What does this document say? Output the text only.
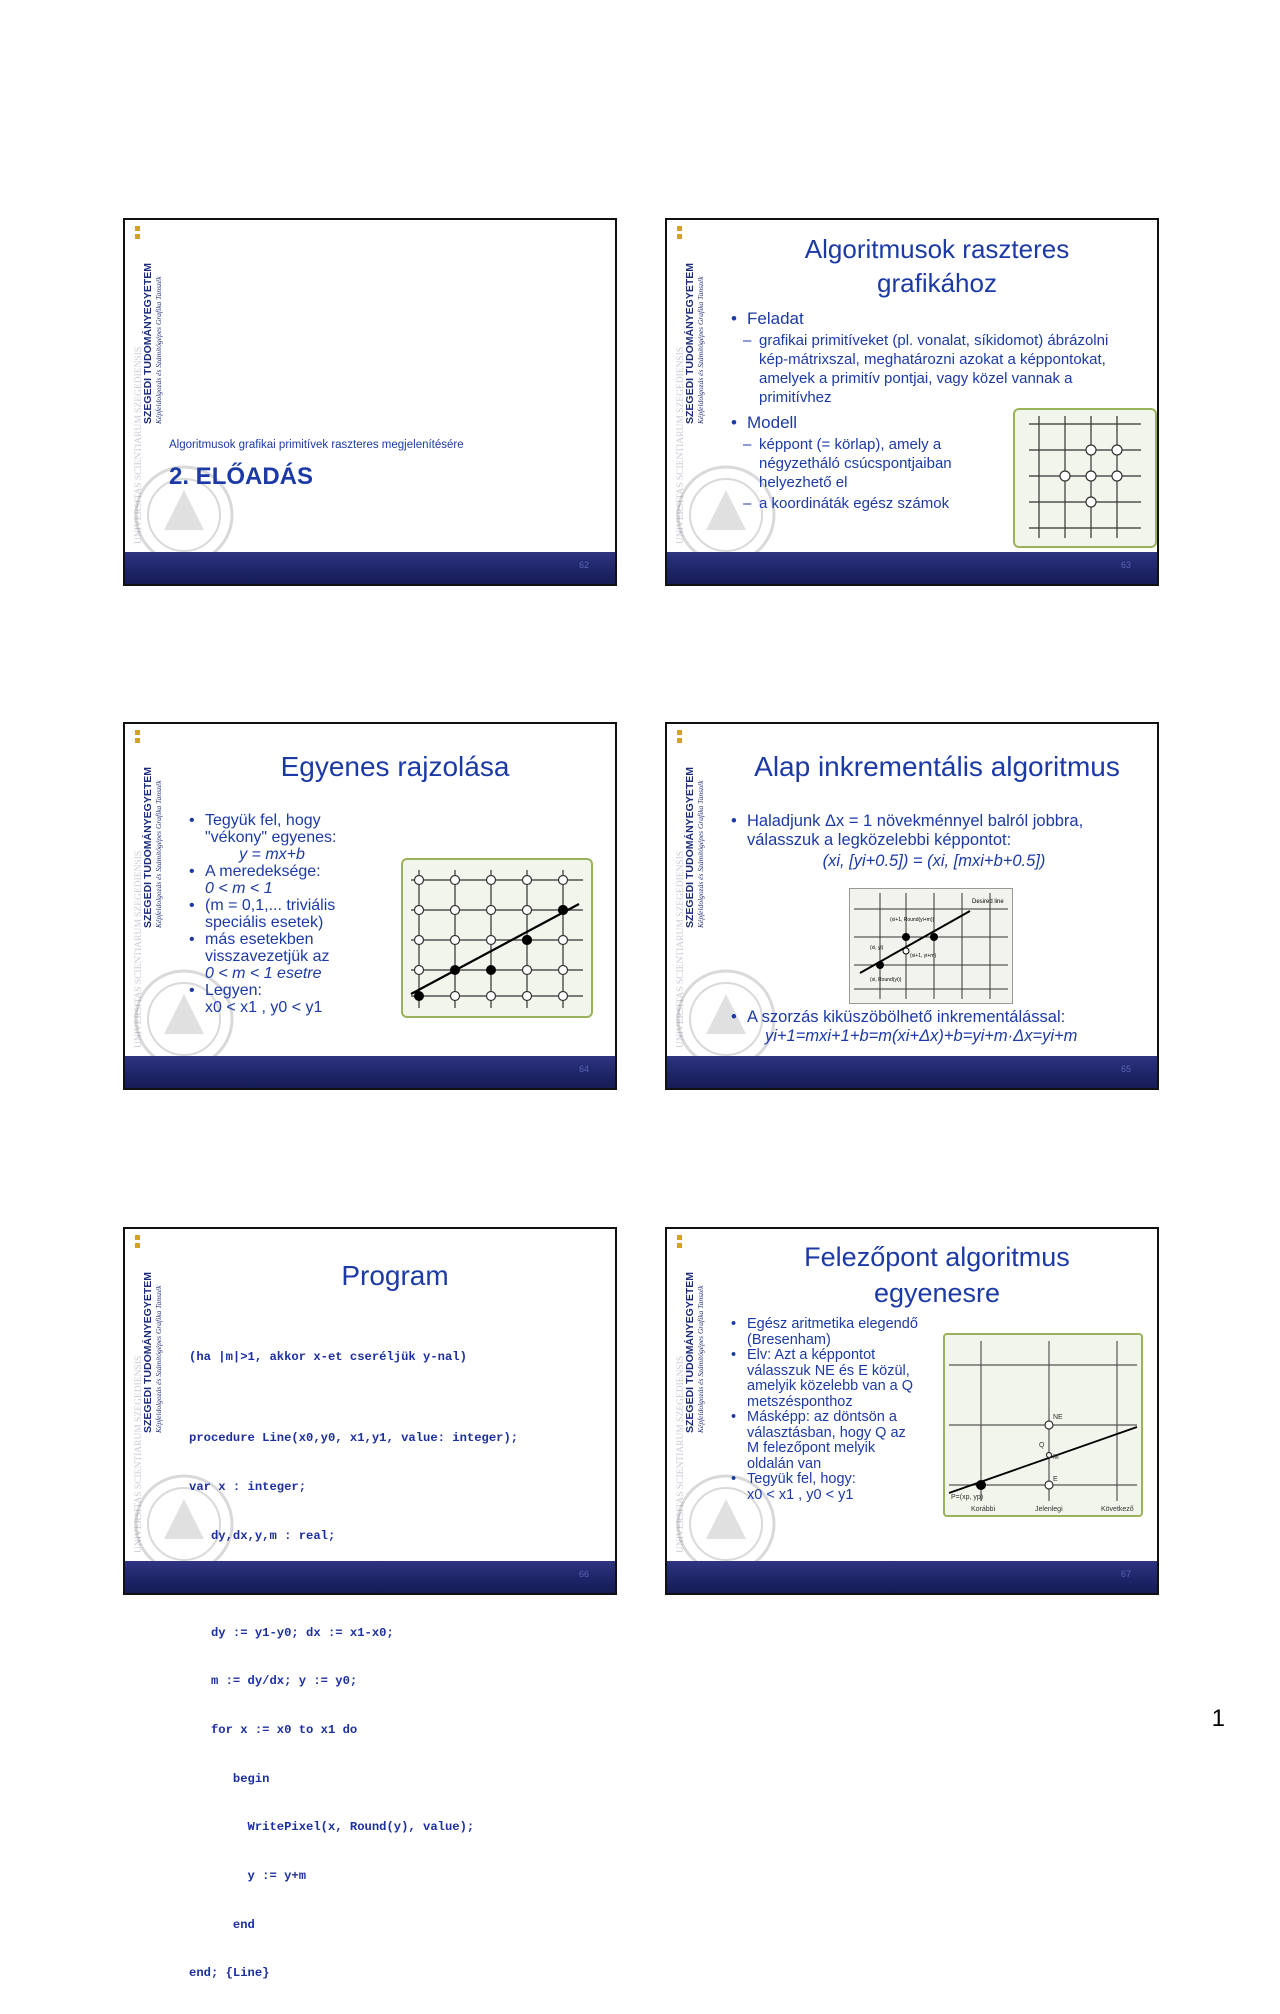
UNIVERSITAS SCIENTIARUM SZEGEDIENSIS
SZEGEDI TUDOMÁNYEGYETEM Képfeldolgozás és Számítógépes Grafika Tanszék
Algoritmusok grafikai primitívek raszteres megjelenítésére
2. ELŐADÁS
62
UNIVERSITAS SCIENTIARUM SZEGEDIENSIS
SZEGEDI TUDOMÁNYEGYETEM Képfeldolgozás és Számítógépes Grafika Tanszék
Algoritmusok raszteres
grafikához

• Feladat

– grafikai primitíveket (pl. vonalat, síkidomot) ábrázolni kép-mátrixszal, meghatározni azokat a képpontokat, amelyek a primitív pontjai, vagy közel vannak a primitívhez

• Modell

– képpont (= körlap), amely a négyzetháló csúcspontjaiban helyezhető el
– a koordináták egész számok
63
UNIVERSITAS SCIENTIARUM SZEGEDIENSIS
SZEGEDI TUDOMÁNYEGYETEM Képfeldolgozás és Számítógépes Grafika Tanszék
Egyenes rajzolása

• Tegyük fel, hogy "vékony" egyenes:

y = mx+b

• A meredeksége:

0 < m < 1

• (m = 0,1,... triviális speciális esetek)

• más esetekben visszavezetjük az
0 < m < 1 esetre

• Legyen:

x0 < x1 , y0 < y1
64
UNIVERSITAS SCIENTIARUM SZEGEDIENSIS
SZEGEDI TUDOMÁNYEGYETEM Képfeldolgozás és Számítógépes Grafika Tanszék
Alap inkrementális algoritmus

• Haladjunk Δx = 1 növekménnyel balról jobbra, válasszuk a legközelebbi képpontot:

(xi, [yi+0.5]) = (xi, [mxi+b+0.5])
Desired line
(xi+1, Round(yi+m))
(xi+1, yi+m)
(xi, yi)
(xi, Round(yi))

• A szorzás kiküszöbölhető inkrementálással:

yi+1=mxi+1+b=m(xi+Δx)+b=yi+m·Δx=yi+m
65
UNIVERSITAS SCIENTIARUM SZEGEDIENSIS
SZEGEDI TUDOMÁNYEGYETEM Képfeldolgozás és Számítógépes Grafika Tanszék
Program

(ha |m|>1, akkor x-et cseréljük y-nal)

procedure Line(x0,y0, x1,y1, value: integer);

var x : integer;

dy,dx,y,m : real;

dy := y1-y0; dx := x1-x0;

m := dy/dx; y := y0;

for x := x0 to x1 do

begin

WritePixel(x, Round(y), value);

y := y+m

end

end; {Line}

66
UNIVERSITAS SCIENTIARUM SZEGEDIENSIS
SZEGEDI TUDOMÁNYEGYETEM Képfeldolgozás és Számítógépes Grafika Tanszék
Felezőpont algoritmus
egyenesre

• Egész aritmetika elegendő (Bresenham)

• Elv: Azt a képpontot válasszuk NE és E közül, amelyik közelebb van a Q metszésponthoz

• Másképp: az döntsön a választásban, hogy Q az M felezőpont melyik oldalán van

• Tegyük fel, hogy:

x0 < x1 , y0 < y1
NE
Q
M
E
P=(xp, yp)
Korábbi	Jelenlegi	Következő
67
1
